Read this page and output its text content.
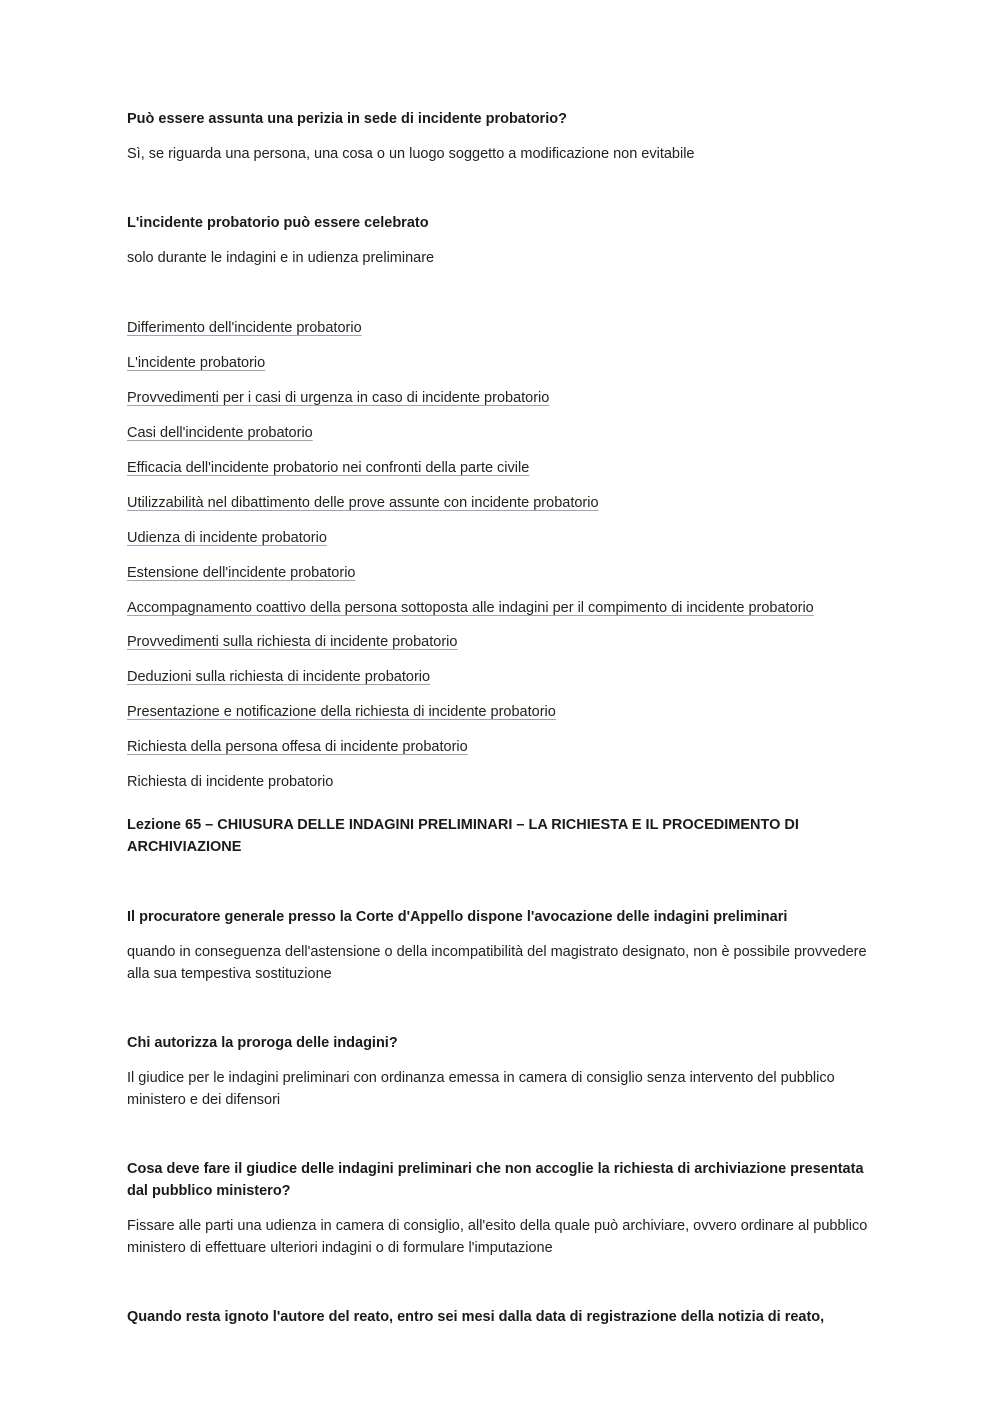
Può essere assunta una perizia in sede di incidente probatorio?

Sì, se riguarda una persona, una cosa o un luogo soggetto a modificazione non evitabile

L'incidente probatorio può essere celebrato

solo durante le indagini e in udienza preliminare

Differimento dell'incidente probatorio

L'incidente probatorio

Provvedimenti per i casi di urgenza in caso di incidente probatorio

Casi dell'incidente probatorio

Efficacia dell'incidente probatorio nei confronti della parte civile

Utilizzabilità nel dibattimento delle prove assunte con incidente probatorio

Udienza di incidente probatorio

Estensione dell'incidente probatorio

Accompagnamento coattivo della persona sottoposta alle indagini per il compimento di incidente probatorio

Provvedimenti sulla richiesta di incidente probatorio

Deduzioni sulla richiesta di incidente probatorio

Presentazione e notificazione della richiesta di incidente probatorio

Richiesta della persona offesa di incidente probatorio

Richiesta di incidente probatorio

Lezione 65 – CHIUSURA DELLE INDAGINI PRELIMINARI – LA RICHIESTA E IL PROCEDIMENTO DI ARCHIVIAZIONE

Il procuratore generale presso la Corte d'Appello dispone l'avocazione delle indagini preliminari

quando in conseguenza dell'astensione o della incompatibilità del magistrato designato, non è possibile provvedere alla sua tempestiva sostituzione

Chi autorizza la proroga delle indagini?

Il giudice per le indagini preliminari con ordinanza emessa in camera di consiglio senza intervento del pubblico ministero e dei difensori

Cosa deve fare il giudice delle indagini preliminari che non accoglie la richiesta di archiviazione presentata dal pubblico ministero?

Fissare alle parti una udienza in camera di consiglio, all'esito della quale può archiviare, ovvero ordinare al pubblico ministero di effettuare ulteriori indagini o di formulare l'imputazione

Quando resta ignoto l'autore del reato, entro sei mesi dalla data di registrazione della notizia di reato,
